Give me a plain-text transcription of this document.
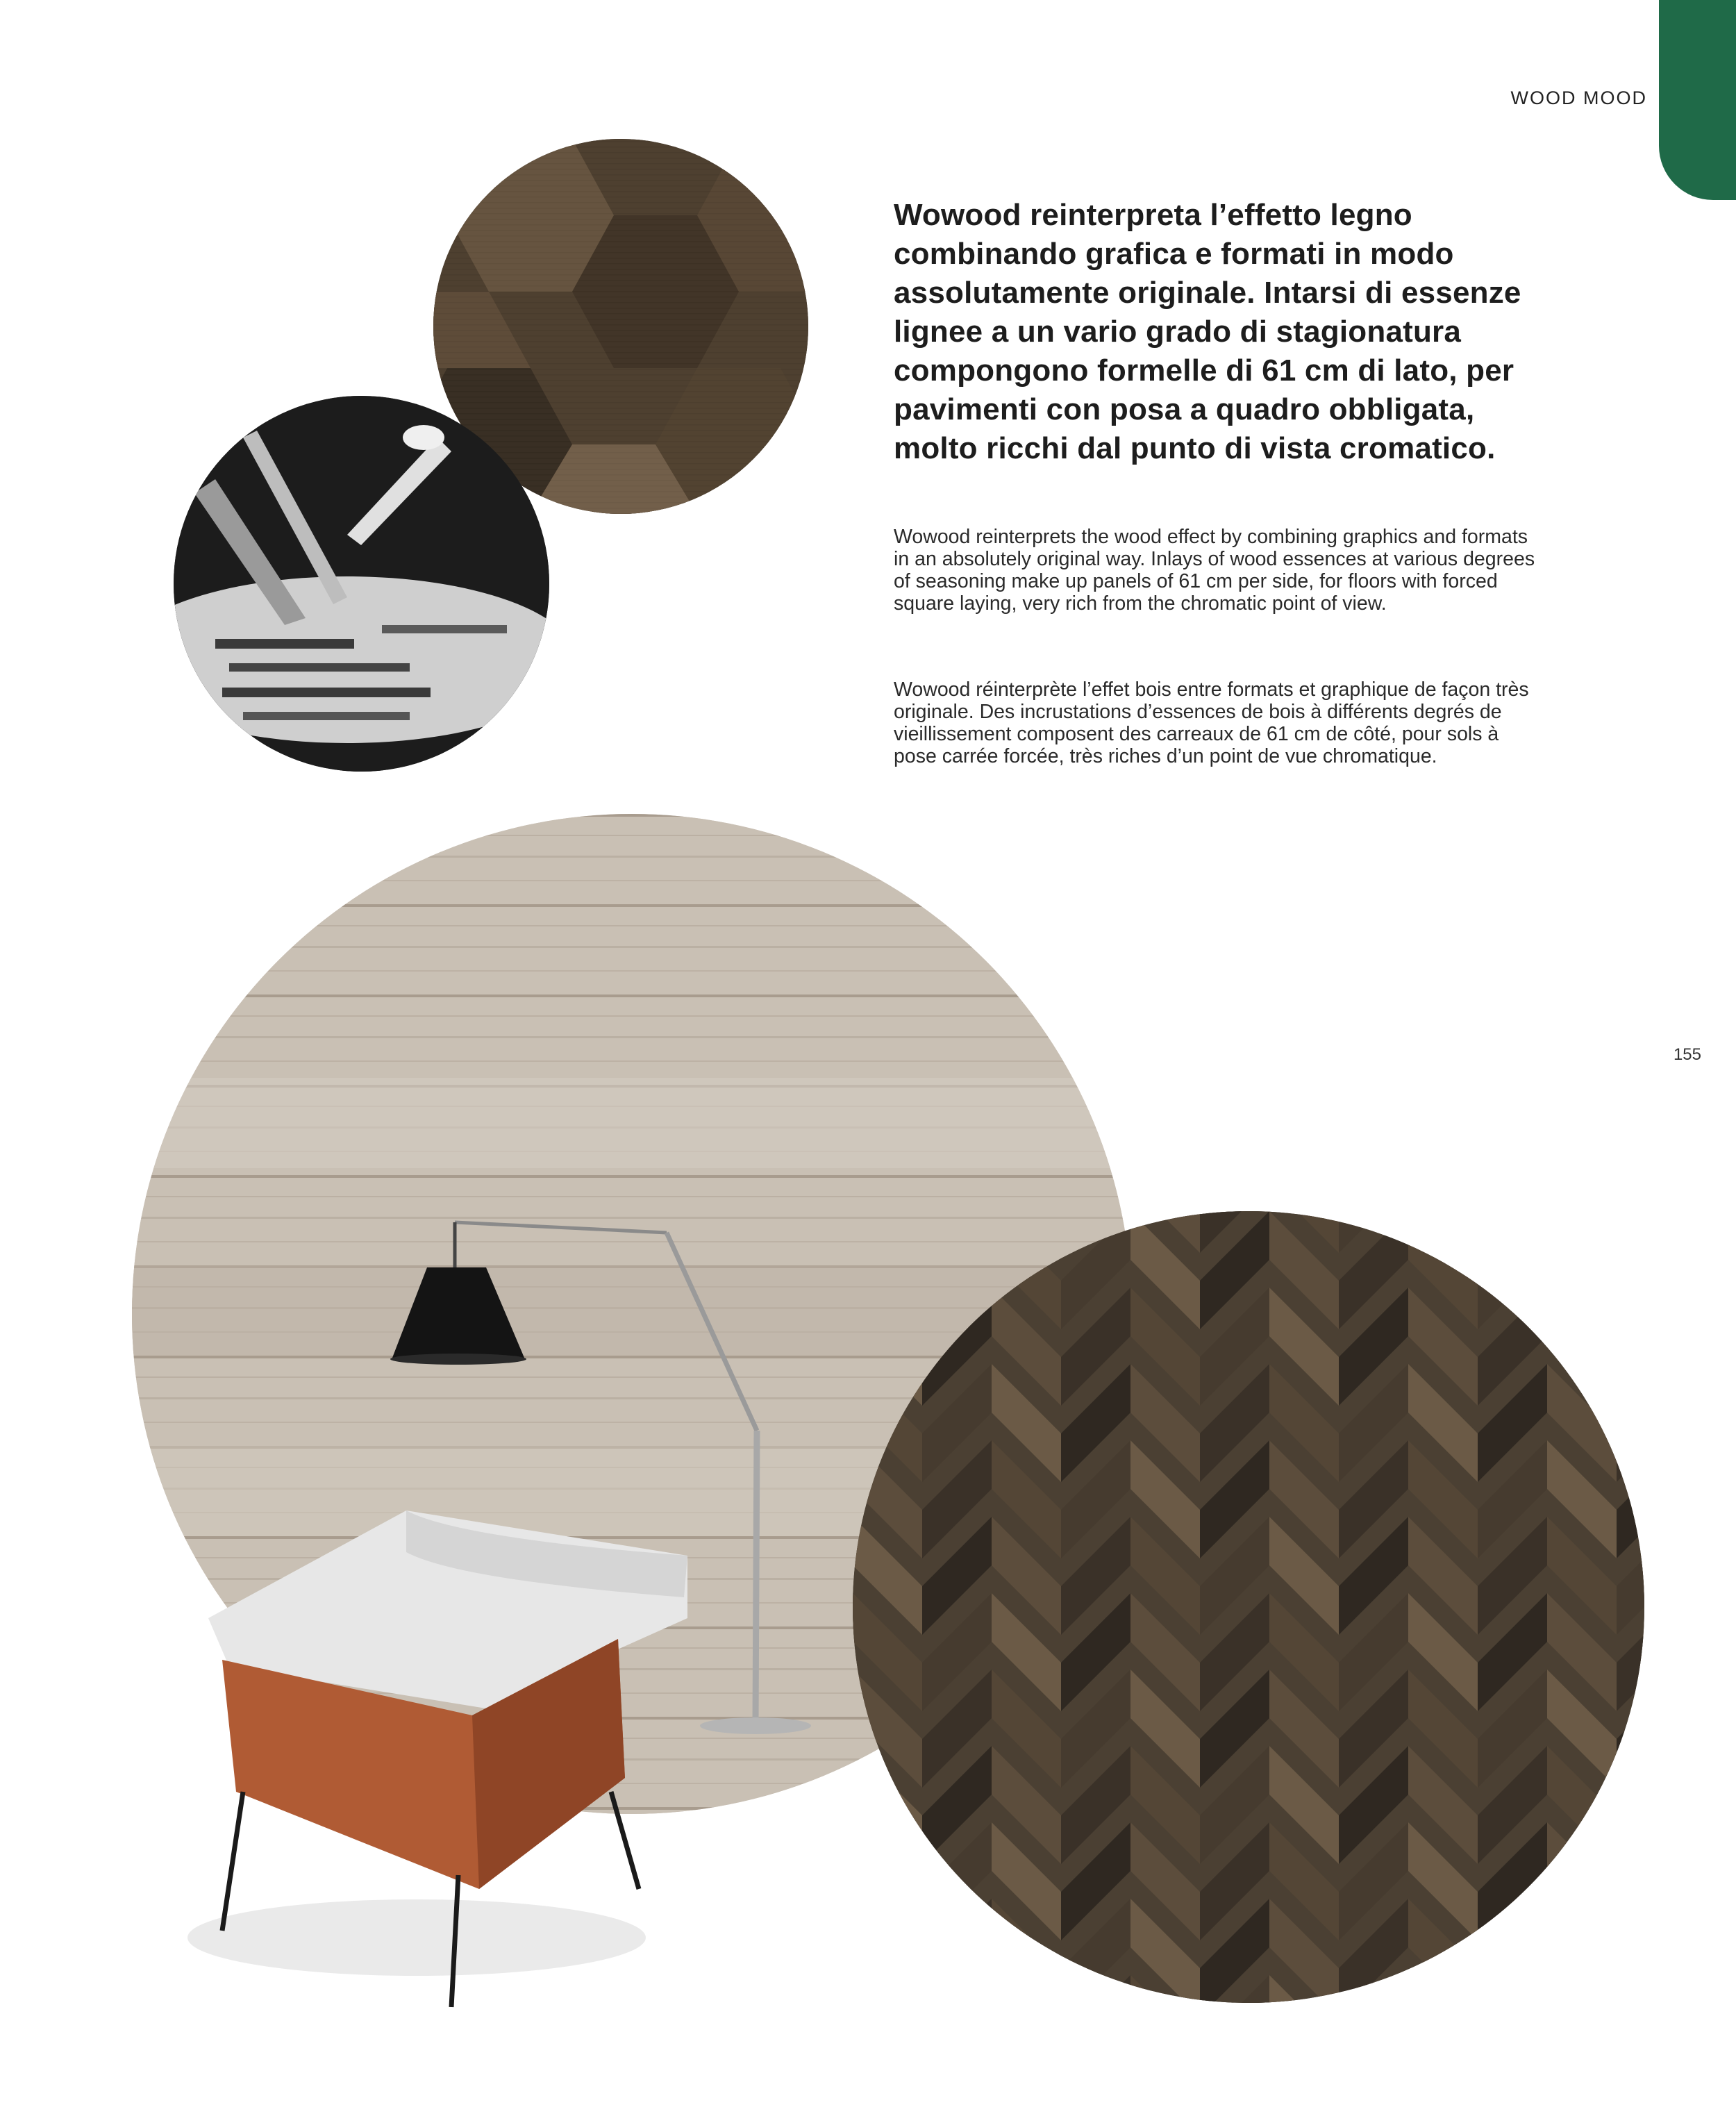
WOOD MOOD
Wowood reinterpreta l’effetto legno combinando grafica e formati in modo assolutamente originale. Intarsi di essenze lignee a un vario grado di stagionatura compongono formelle di 61 cm di lato, per pavimenti con posa a quadro obbligata, molto ricchi dal punto di vista cromatico.

Wowood reinterprets the wood effect by combining graphics and formats in an absolutely original way. Inlays of wood essences at various degrees of seasoning make up panels of 61 cm per side, for floors with forced square laying, very rich from the chromatic point of view.

Wowood réinterprète l’effet bois entre formats et graphique de façon très originale. Des incrustations d’essences de bois à différents degrés de vieillissement composent des carreaux de 61 cm de côté, pour sols à pose carrée forcée, très riches d’un point de vue chromatique.

155
